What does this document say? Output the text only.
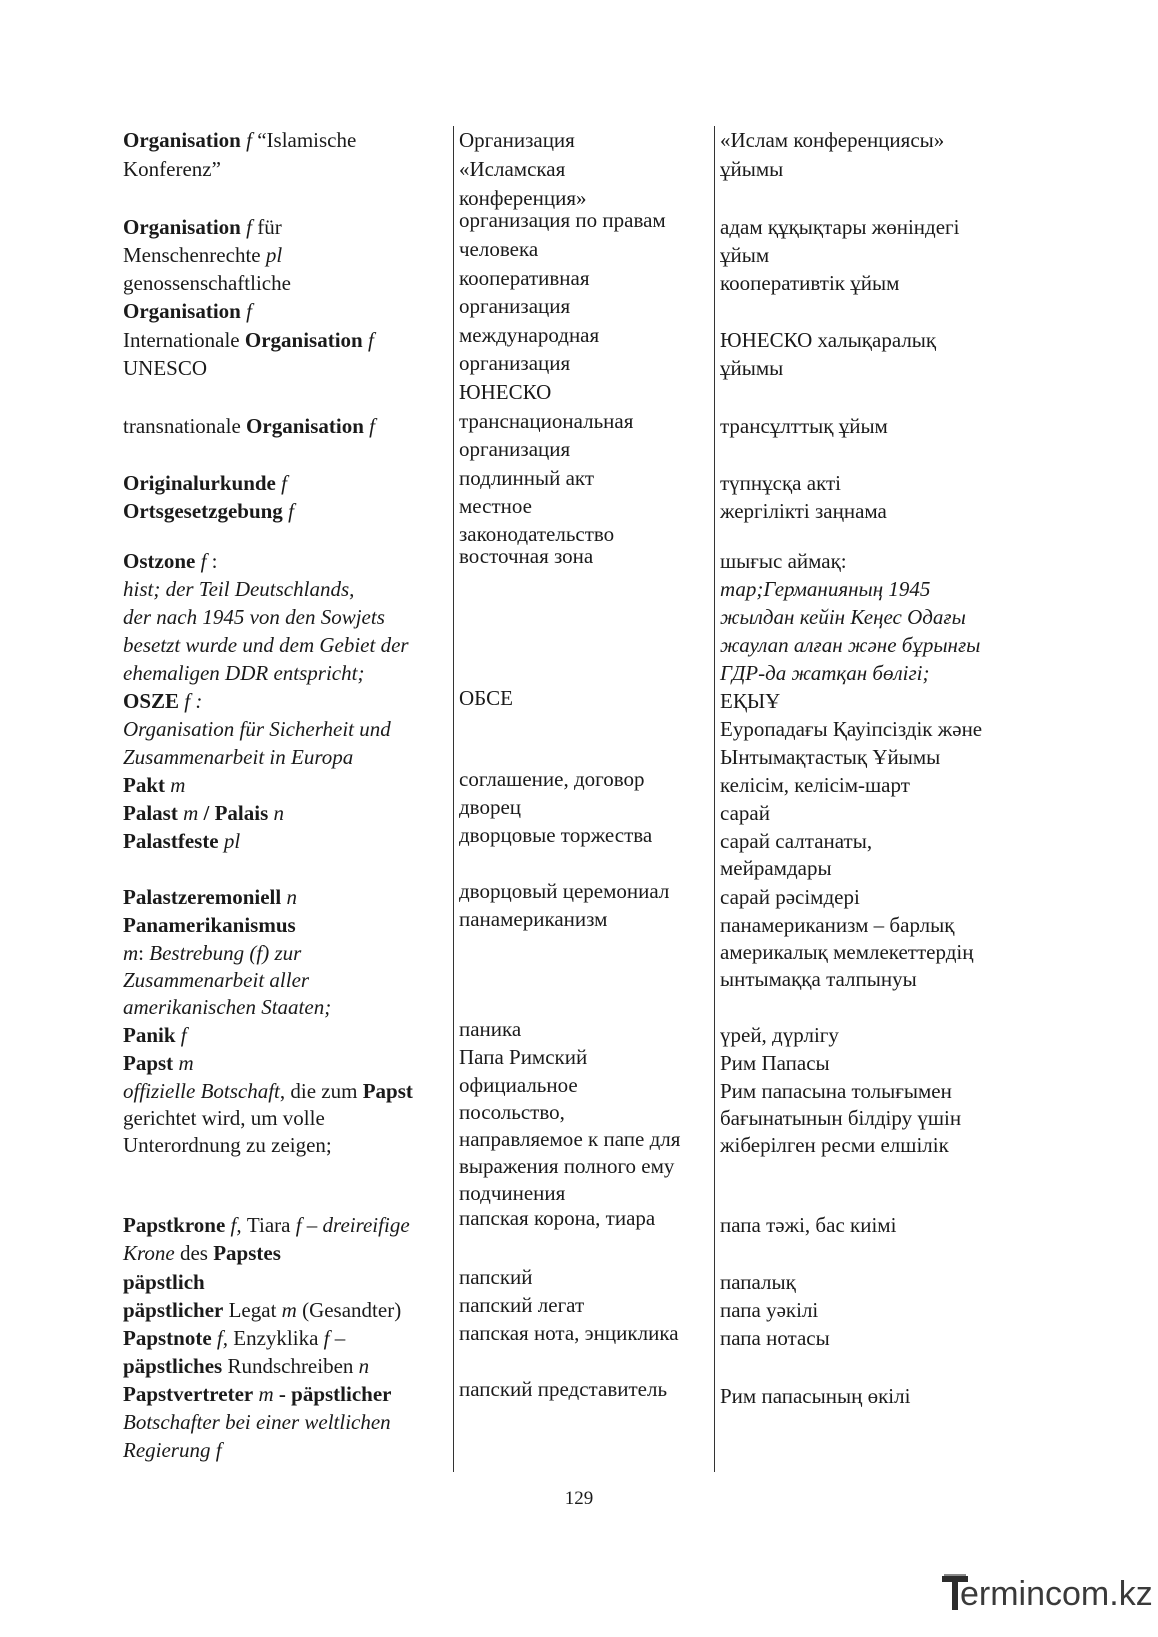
Organisation f “Islamische
Konferenz”
Organisation f für
Menschenrechte pl
genossenschaftliche
Organisation f
Internationale Organisation f
UNESCO
transnationale Organisation f
Originalurkunde f
Ortsgesetzgebung f
Ostzone f :
hist; der Teil Deutschlands,
der nach 1945 von den Sowjets
besetzt wurde und dem Gebiet der
ehemaligen DDR entspricht;
OSZE f :
Organisation für Sicherheit und
Zusammenarbeit in Europa
Pakt m
Palast m / Palais n
Palastfeste pl
Palastzeremoniell n
Panamerikanismus
m: Bestrebung (f) zur
Zusammenarbeit aller
amerikanischen Staaten;
Panik f
Papst m
offizielle Botschaft, die zum Papst
gerichtet wird, um volle
Unterordnung zu zeigen;
Papstkrone f, Tiara f – dreireifige
Krone des Papstes
päpstlich
päpstlicher Legat m (Gesandter)
Papstnote f, Enzyklika f –
päpstliches Rundschreiben n
Papstvertreter m - päpstlicher
Botschafter bei einer weltlichen
Regierung f
Организация
«Исламская
конференция»
организация по правам
человека
кооперативная
организация
международная
организация
ЮНЕСКО
транснациональная
организация
подлинный акт
местное
законодательство
восточная зона
ОБСЕ
соглашение, договор
дворец
дворцовые торжества
дворцовый церемониал
панамериканизм
паника
Папа Римский
официальное
посольство,
направляемое к папе для
выражения полного ему
подчинения
папская корона, тиара
папский
папский легат
папская нота, энциклика
папский представитель
«Ислам конференциясы»
ұйымы
адам құқықтары жөніндегі
ұйым
кооперативтік ұйым
ЮНЕСКО халықаралық
ұйымы
трансұлттық ұйым
түпнұсқа акті
жергілікті заңнама
шығыс аймақ:
тар;Германияның 1945
жылдан кейін Кеңес Одағы
жаулап алған және бұрынғы
ГДР-да жатқан бөлігі;
ЕҚЫҰ
Еуропадағы Қауіпсіздік және
Ынтымақтастық Ұйымы
келісім, келісім-шарт
сарай
сарай салтанаты,
мейрамдары
сарай рәсімдері
панамериканизм – барлық
америкалық мемлекеттердің
ынтымаққа талпынуы
үрей, дүрлігу
Рим Папасы
Рим папасына толығымен
бағынатынын білдіру үшін
жіберілген ресми елшілік
папа тәжі, бас киімі
папалық
папа уәкілі
папа нотасы
Рим папасының өкілі
129
ermincom.kz
